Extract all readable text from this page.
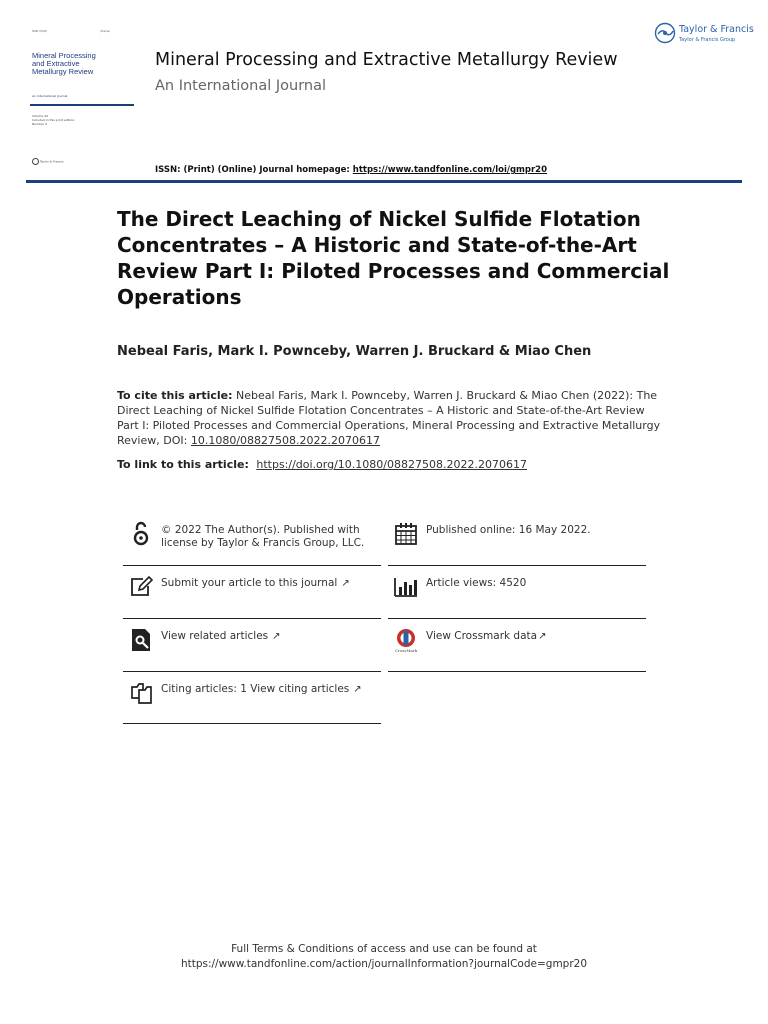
ISSN: (Print)	(Online)
Mineral Processing and Extractive Metallurgy Review
An International Journal
Volume 44
Included in this print edition:
Number 4
Taylor & Francis
Mineral Processing and Extractive Metallurgy Review
An International Journal
Taylor & Francis
Taylor & Francis Group
ISSN: (Print) (Online) Journal homepage: https://www.tandfonline.com/loi/gmpr20
The Direct Leaching of Nickel Sulfide Flotation Concentrates – A Historic and State-of-the-Art Review Part I: Piloted Processes and Commercial Operations
Nebeal Faris, Mark I. Pownceby, Warren J. Bruckard & Miao Chen
To cite this article: Nebeal Faris, Mark I. Pownceby, Warren J. Bruckard & Miao Chen (2022): The Direct Leaching of Nickel Sulfide Flotation Concentrates – A Historic and State-of-the-Art Review Part I: Piloted Processes and Commercial Operations, Mineral Processing and Extractive Metallurgy Review, DOI: 10.1080/08827508.2022.2070617
To link to this article: https://doi.org/10.1080/08827508.2022.2070617
© 2022 The Author(s). Published with license by Taylor & Francis Group, LLC.
Published online: 16 May 2022.
Submit your article to this journal ↗	Article views: 4520
View related articles ↗
CrossMark
View Crossmark data↗
Citing articles: 1 View citing articles ↗
Full Terms & Conditions of access and use can be found at
https://www.tandfonline.com/action/journalInformation?journalCode=gmpr20
